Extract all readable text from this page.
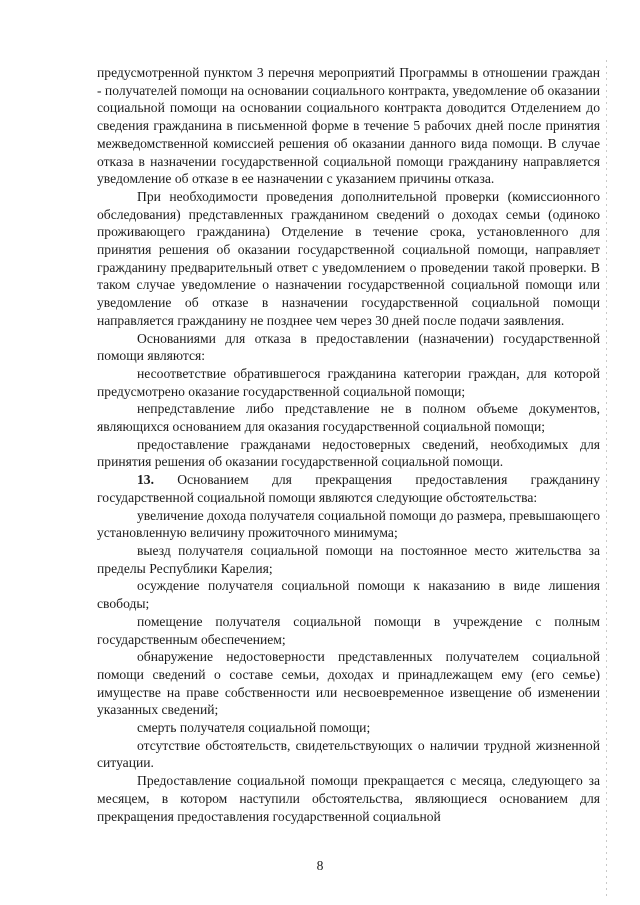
предусмотренной пунктом 3 перечня мероприятий Программы в отношении граждан - получателей помощи на основании социального контракта, уведомление об оказании социальной помощи на основании социального контракта доводится Отделением до сведения гражданина в письменной форме в течение 5 рабочих дней после принятия межведомственной комиссией решения об оказании данного вида помощи. В случае отказа в назначении государственной социальной помощи гражданину направляется уведомление об отказе в ее назначении с указанием причины отказа.

При необходимости проведения дополнительной проверки (комиссионного обследования) представленных гражданином сведений о доходах семьи (одиноко проживающего гражданина) Отделение в течение срока, установленного для принятия решения об оказании государственной социальной помощи, направляет гражданину предварительный ответ с уведомлением о проведении такой проверки. В таком случае уведомление о назначении государственной социальной помощи или уведомление об отказе в назначении государственной социальной помощи направляется гражданину не позднее чем через 30 дней после подачи заявления.

Основаниями для отказа в предоставлении (назначении) государственной помощи являются:

несоответствие обратившегося гражданина категории граждан, для которой предусмотрено оказание государственной социальной помощи;

непредставление либо представление не в полном объеме документов, являющихся основанием для оказания государственной социальной помощи;

предоставление гражданами недостоверных сведений, необходимых для принятия решения об оказании государственной социальной помощи.

13. Основанием для прекращения предоставления гражданину государственной социальной помощи являются следующие обстоятельства:

увеличение дохода получателя социальной помощи до размера, превышающего установленную величину прожиточного минимума;

выезд получателя социальной помощи на постоянное место жительства за пределы Республики Карелия;

осуждение получателя социальной помощи к наказанию в виде лишения свободы;

помещение получателя социальной помощи в учреждение с полным государственным обеспечением;

обнаружение недостоверности представленных получателем социальной помощи сведений о составе семьи, доходах и принадлежащем ему (его семье) имуществе на праве собственности или несвоевременное извещение об изменении указанных сведений;

смерть получателя социальной помощи;

отсутствие обстоятельств, свидетельствующих о наличии трудной жизненной ситуации.

Предоставление социальной помощи прекращается с месяца, следующего за месяцем, в котором наступили обстоятельства, являющиеся основанием для прекращения предоставления государственной социальной

8
